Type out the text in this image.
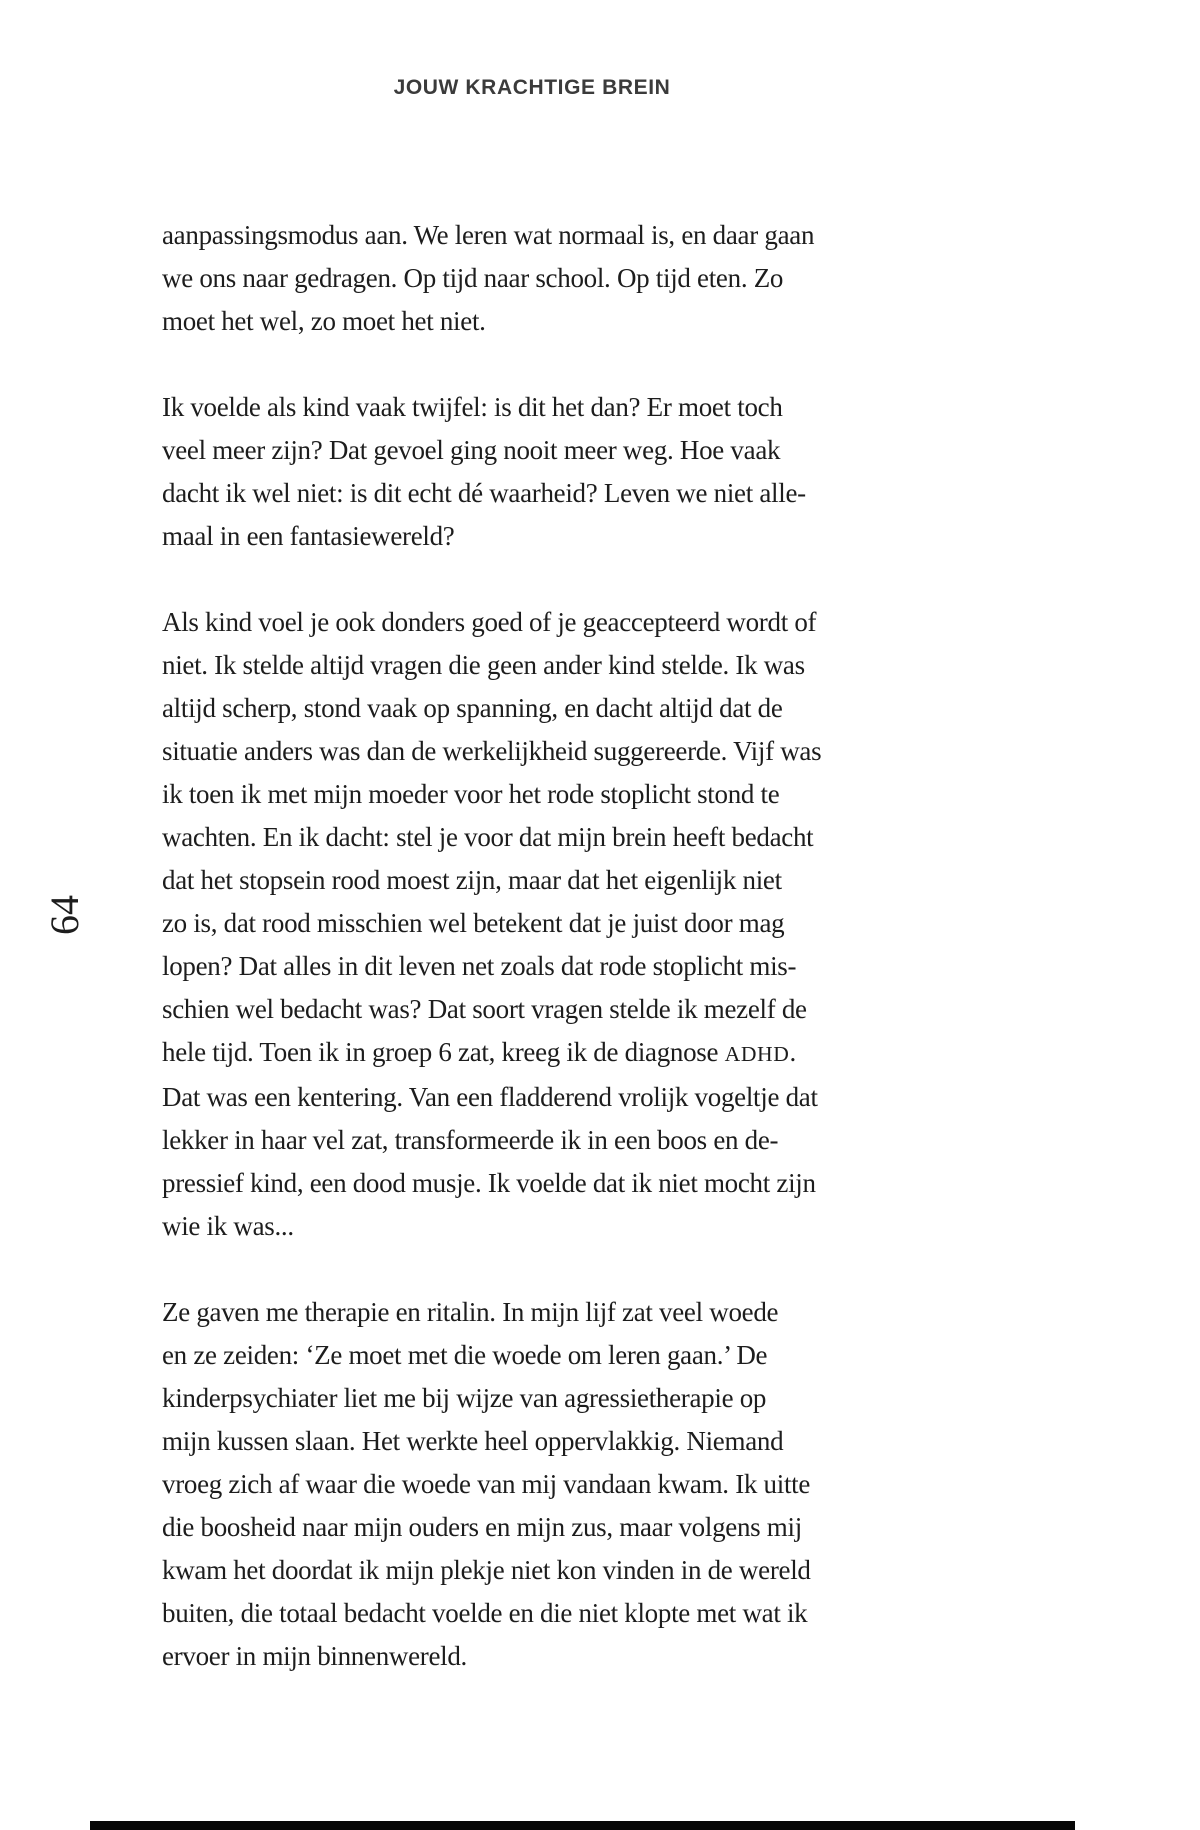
JOUW KRACHTIGE BREIN
aanpassingsmodus aan. We leren wat normaal is, en daar gaan
we ons naar gedragen. Op tijd naar school. Op tijd eten. Zo
moet het wel, zo moet het niet.
Ik voelde als kind vaak twijfel: is dit het dan? Er moet toch
veel meer zijn? Dat gevoel ging nooit meer weg. Hoe vaak
dacht ik wel niet: is dit echt dé waarheid? Leven we niet alle-
maal in een fantasiewereld?
Als kind voel je ook donders goed of je geaccepteerd wordt of
niet. Ik stelde altijd vragen die geen ander kind stelde. Ik was
altijd scherp, stond vaak op spanning, en dacht altijd dat de
situatie anders was dan de werkelijkheid suggereerde. Vijf was
ik toen ik met mijn moeder voor het rode stoplicht stond te
wachten. En ik dacht: stel je voor dat mijn brein heeft bedacht
dat het stopsein rood moest zijn, maar dat het eigenlijk niet
zo is, dat rood misschien wel betekent dat je juist door mag
lopen? Dat alles in dit leven net zoals dat rode stoplicht mis-
schien wel bedacht was? Dat soort vragen stelde ik mezelf de
hele tijd. Toen ik in groep 6 zat, kreeg ik de diagnose ADHD.
Dat was een kentering. Van een fladderend vrolijk vogeltje dat
lekker in haar vel zat, transformeerde ik in een boos en de-
pressief kind, een dood musje. Ik voelde dat ik niet mocht zijn
wie ik was...
Ze gaven me therapie en ritalin. In mijn lijf zat veel woede
en ze zeiden: ‘Ze moet met die woede om leren gaan.’ De
kinderpsychiater liet me bij wijze van agressietherapie op
mijn kussen slaan. Het werkte heel oppervlakkig. Niemand
vroeg zich af waar die woede van mij vandaan kwam. Ik uitte
die boosheid naar mijn ouders en mijn zus, maar volgens mij
kwam het doordat ik mijn plekje niet kon vinden in de wereld
buiten, die totaal bedacht voelde en die niet klopte met wat ik
ervoer in mijn binnenwereld.
64
